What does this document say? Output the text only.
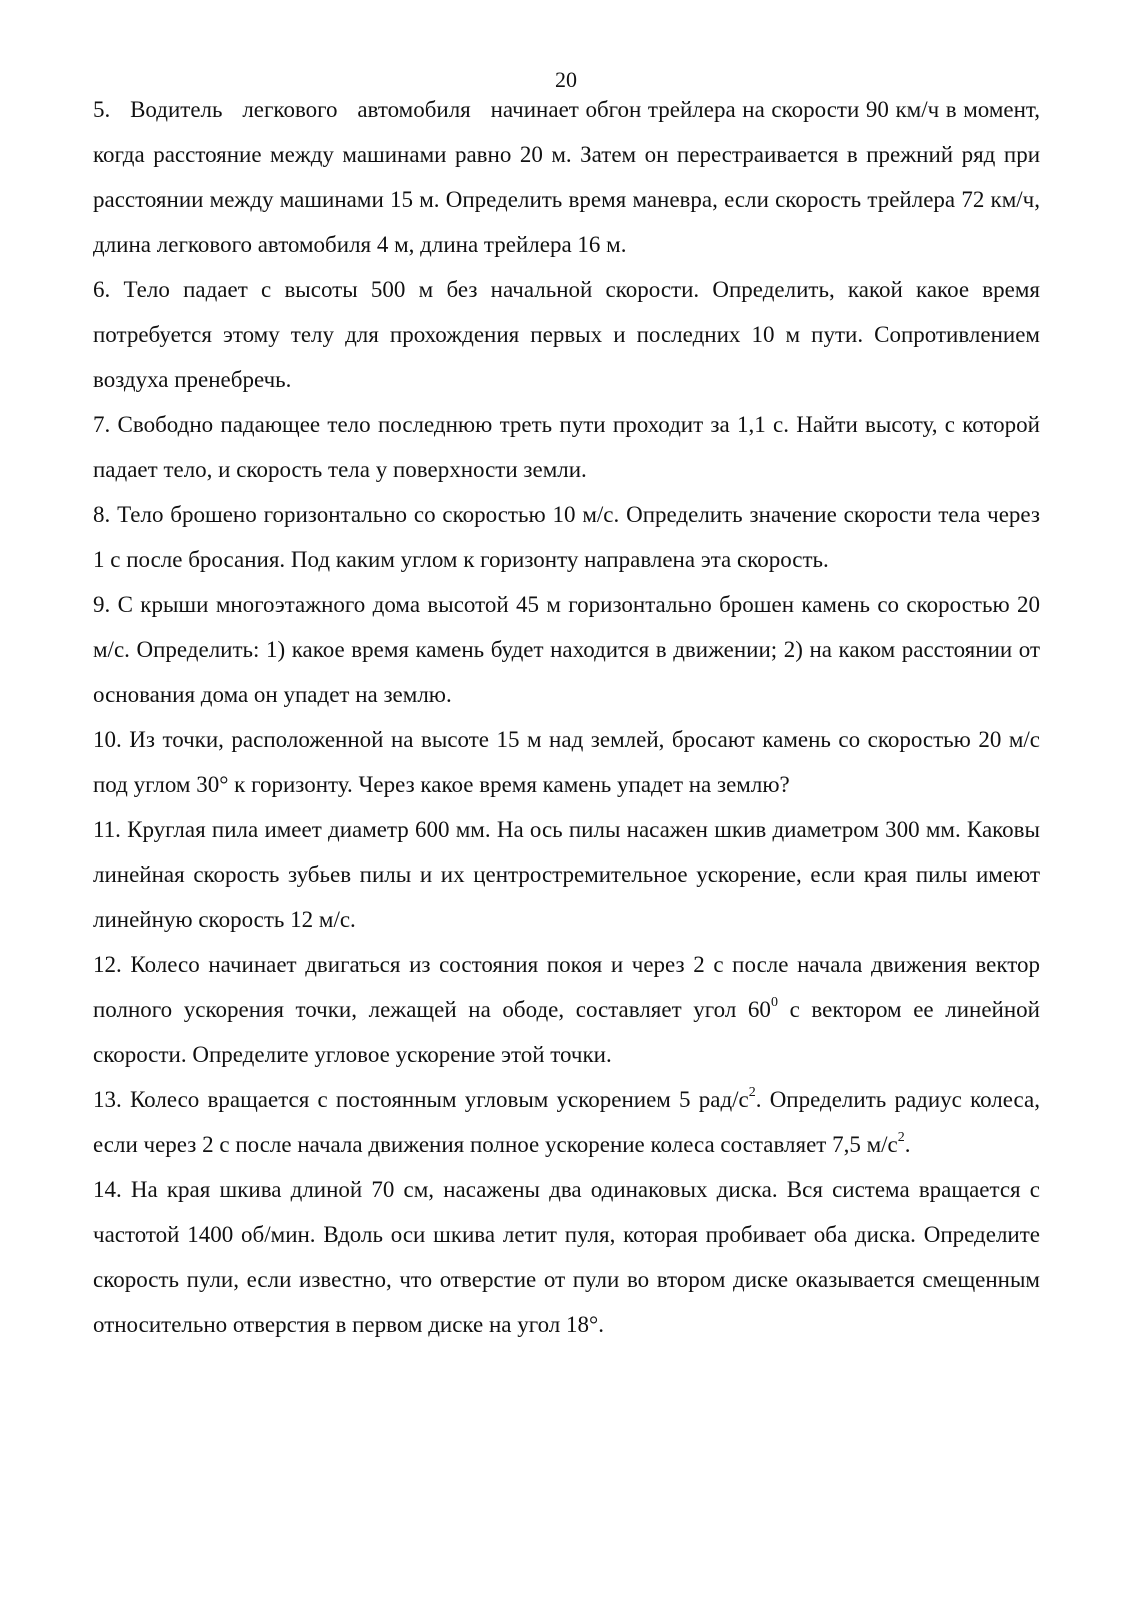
20

5.   Водитель   легкового   автомобиля   начинает обгон трейлера на скорости 90 км/ч в момент, когда расстояние между машинами равно 20 м. Затем он перестраивается в прежний ряд при расстоянии между машинами 15 м. Определить время маневра, если скорость трейлера 72 км/ч, длина легкового автомобиля 4 м, длина трейлера 16 м.

6. Тело падает с высоты 500 м без начальной скорости. Определить, какой какое время потребуется этому телу для прохождения первых и последних 10 м пути. Сопротивлением воздуха пренебречь.

7. Свободно падающее тело последнюю треть пути проходит за 1,1 с. Найти высоту, с которой падает тело, и скорость тела у поверхности земли.

8. Тело брошено горизонтально со скоростью 10 м/с. Определить значение скорости тела через 1 с после бросания. Под каким углом к горизонту направлена эта скорость.

9. С крыши многоэтажного дома высотой 45 м горизонтально брошен камень со скоростью 20 м/с. Определить: 1) какое время камень будет находится в движении; 2) на каком расстоянии от основания дома он упадет на землю.

10. Из точки, расположенной на высоте 15 м над землей, бросают камень со скоростью 20 м/с под углом 30° к горизонту. Через какое время камень упадет на землю?

11. Круглая пила имеет диаметр 600 мм. На ось пилы насажен шкив диаметром 300 мм. Каковы линейная скорость зубьев пилы и их центростремительное ускорение, если края пилы имеют линейную скорость 12 м/с.

12. Колесо начинает двигаться из состояния покоя и через 2 с после начала движения вектор полного ускорения точки, лежащей на ободе, составляет угол $60^0$ с вектором ее линейной скорости. Определите угловое ускорение этой точки.

13. Колесо вращается с постоянным угловым ускорением 5 рад/$с^2$. Определить радиус колеса, если через 2 с после начала движения полное ускорение колеса составляет 7,5 $м/с^2$.

14. На края шкива длиной 70 см, насажены два одинаковых диска. Вся система вращается с частотой 1400 об/мин. Вдоль оси шкива летит пуля, которая пробивает оба диска. Определите скорость пули, если известно, что отверстие от пули во втором диске оказывается смещенным относительно отверстия в первом диске на угол 18°.
